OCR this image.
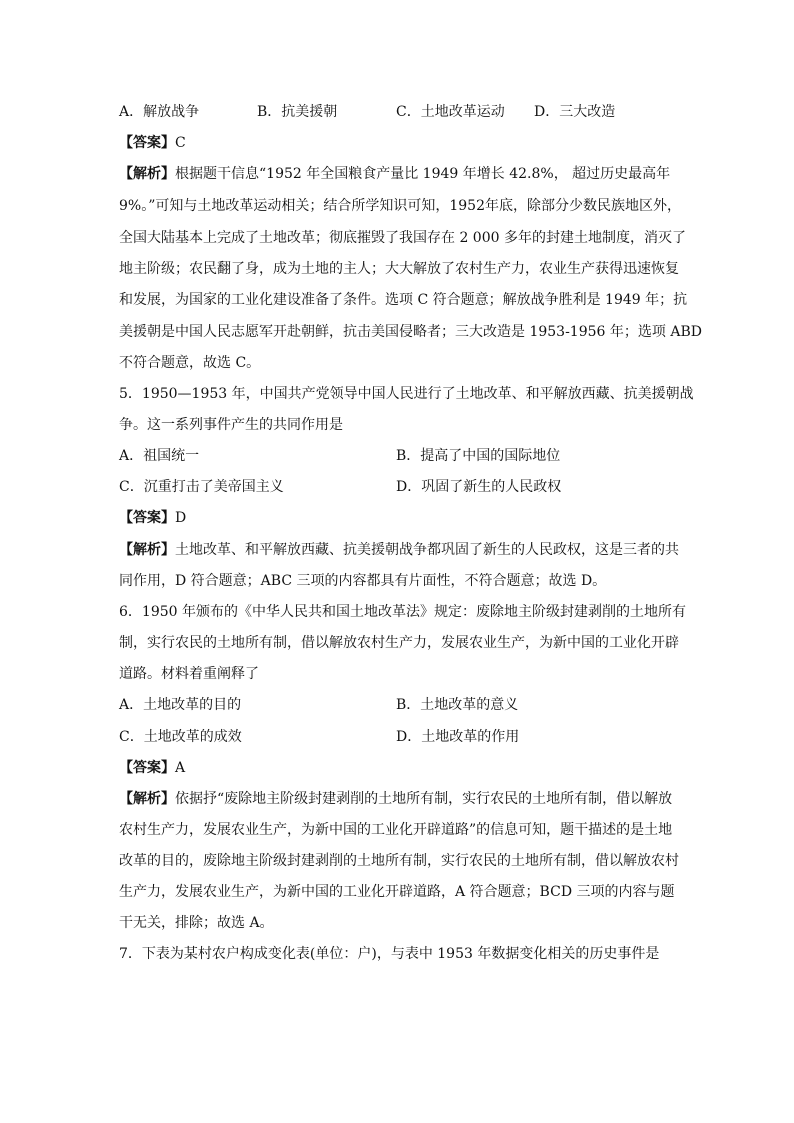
A．解放战争	B．抗美援朝	C．土地改革运动 D．三大改造
【答案】C
【解析】根据题干信息“1952 年全国粮食产量比 1949 年增长 42.8%， 超过历史最高年
9%。”可知与土地改革运动相关；结合所学知识可知，1952年底，除部分少数民族地区外，
全国大陆基本上完成了土地改革；彻底摧毁了我国存在 2 000 多年的封建土地制度，消灭了
地主阶级；农民翻了身，成为土地的主人；大大解放了农村生产力，农业生产获得迅速恢复
和发展，为国家的工业化建设准备了条件。选项 C 符合题意；解放战争胜利是 1949 年；抗
美援朝是中国人民志愿军开赴朝鲜，抗击美国侵略者；三大改造是 1953-1956 年；选项 ABD
不符合题意，故选 C。
5．1950—1953 年，中国共产党领导中国人民进行了土地改革、和平解放西藏、抗美援朝战
争。这一系列事件产生的共同作用是
A．祖国统一	B．提高了中国的国际地位
C．沉重打击了美帝国主义	D．巩固了新生的人民政权
【答案】D
【解析】土地改革、和平解放西藏、抗美援朝战争都巩固了新生的人民政权，这是三者的共
同作用，D 符合题意；ABC 三项的内容都具有片面性，不符合题意；故选 D。
6．1950 年颁布的《中华人民共和国土地改革法》规定：废除地主阶级封建剥削的土地所有
制，实行农民的土地所有制，借以解放农村生产力，发展农业生产，为新中国的工业化开辟
道路。材料着重阐释了
A．土地改革的目的	B．土地改革的意义
C．土地改革的成效	D．土地改革的作用
【答案】A
【解析】依据抒“废除地主阶级封建剥削的土地所有制，实行农民的土地所有制，借以解放
农村生产力，发展农业生产，为新中国的工业化开辟道路”的信息可知，题干描述的是土地
改革的目的，废除地主阶级封建剥削的土地所有制，实行农民的土地所有制，借以解放农村
生产力，发展农业生产，为新中国的工业化开辟道路，A 符合题意；BCD 三项的内容与题
干无关，排除；故选 A。
7．下表为某村农户构成变化表(单位：户)，与表中 1953 年数据变化相关的历史事件是
